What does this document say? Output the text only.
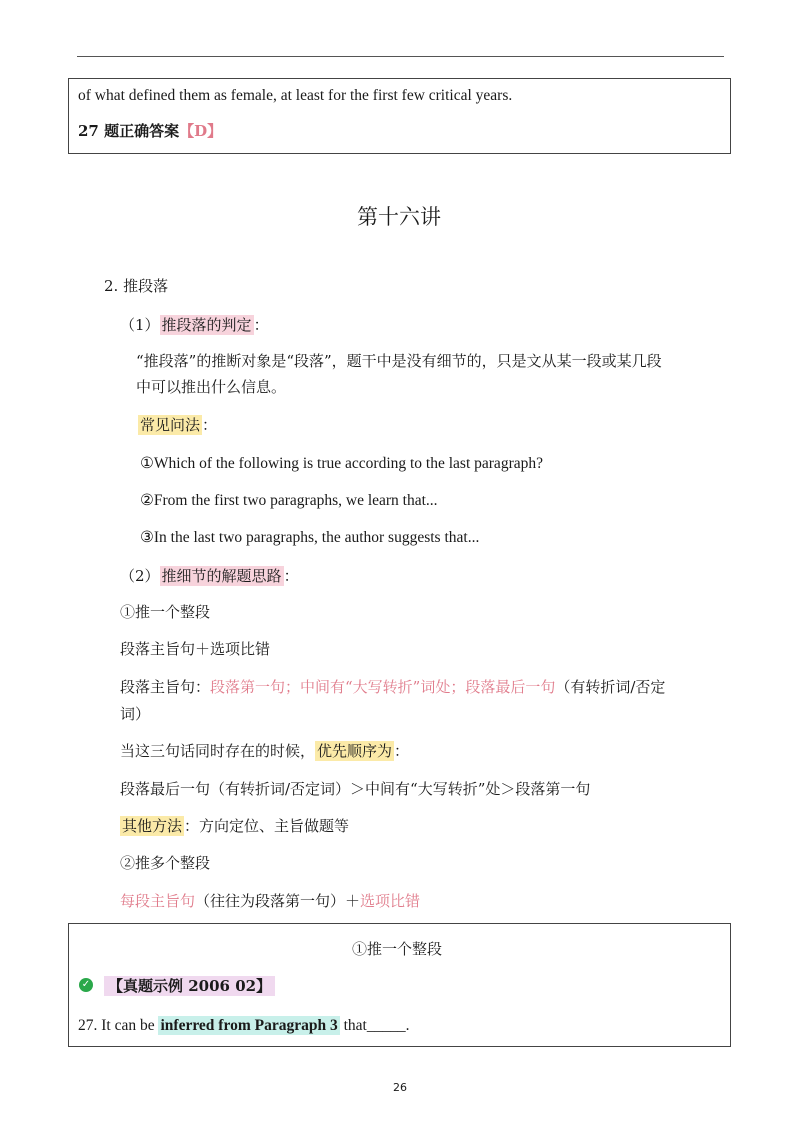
of what defined them as female, at least for the first few critical years.
27 题正确答案【D】
第十六讲
2. 推段落
（1） 推段落的判定 ：
“推段落”的推断对象是“段落”，题干中是没有细节的，只是文从某一段或某几段
中可以推出什么信息。
常见问法 ：
①Which of the following is true according to the last paragraph?
②From the first two paragraphs, we learn that...
③In the last two paragraphs, the author suggests that...
（2） 推细节的解题思路 ：
①推一个整段
段落主旨句＋选项比错
段落主旨句：段落第一句；中间有“大写转折”词处；段落最后一句（有转折词/否定
词）
当这三句话同时存在的时候， 优先顺序为 ：
段落最后一句（有转折词/否定词）＞中间有“大写转折”处＞段落第一句
其他方法 ：方向定位、主旨做题等
②推多个整段
每段主旨句（往往为段落第一句）＋选项比错
①推一个整段
✓ 【真题示例 2006 02】
27. It can be inferred from Paragraph 3 that_____.
26
